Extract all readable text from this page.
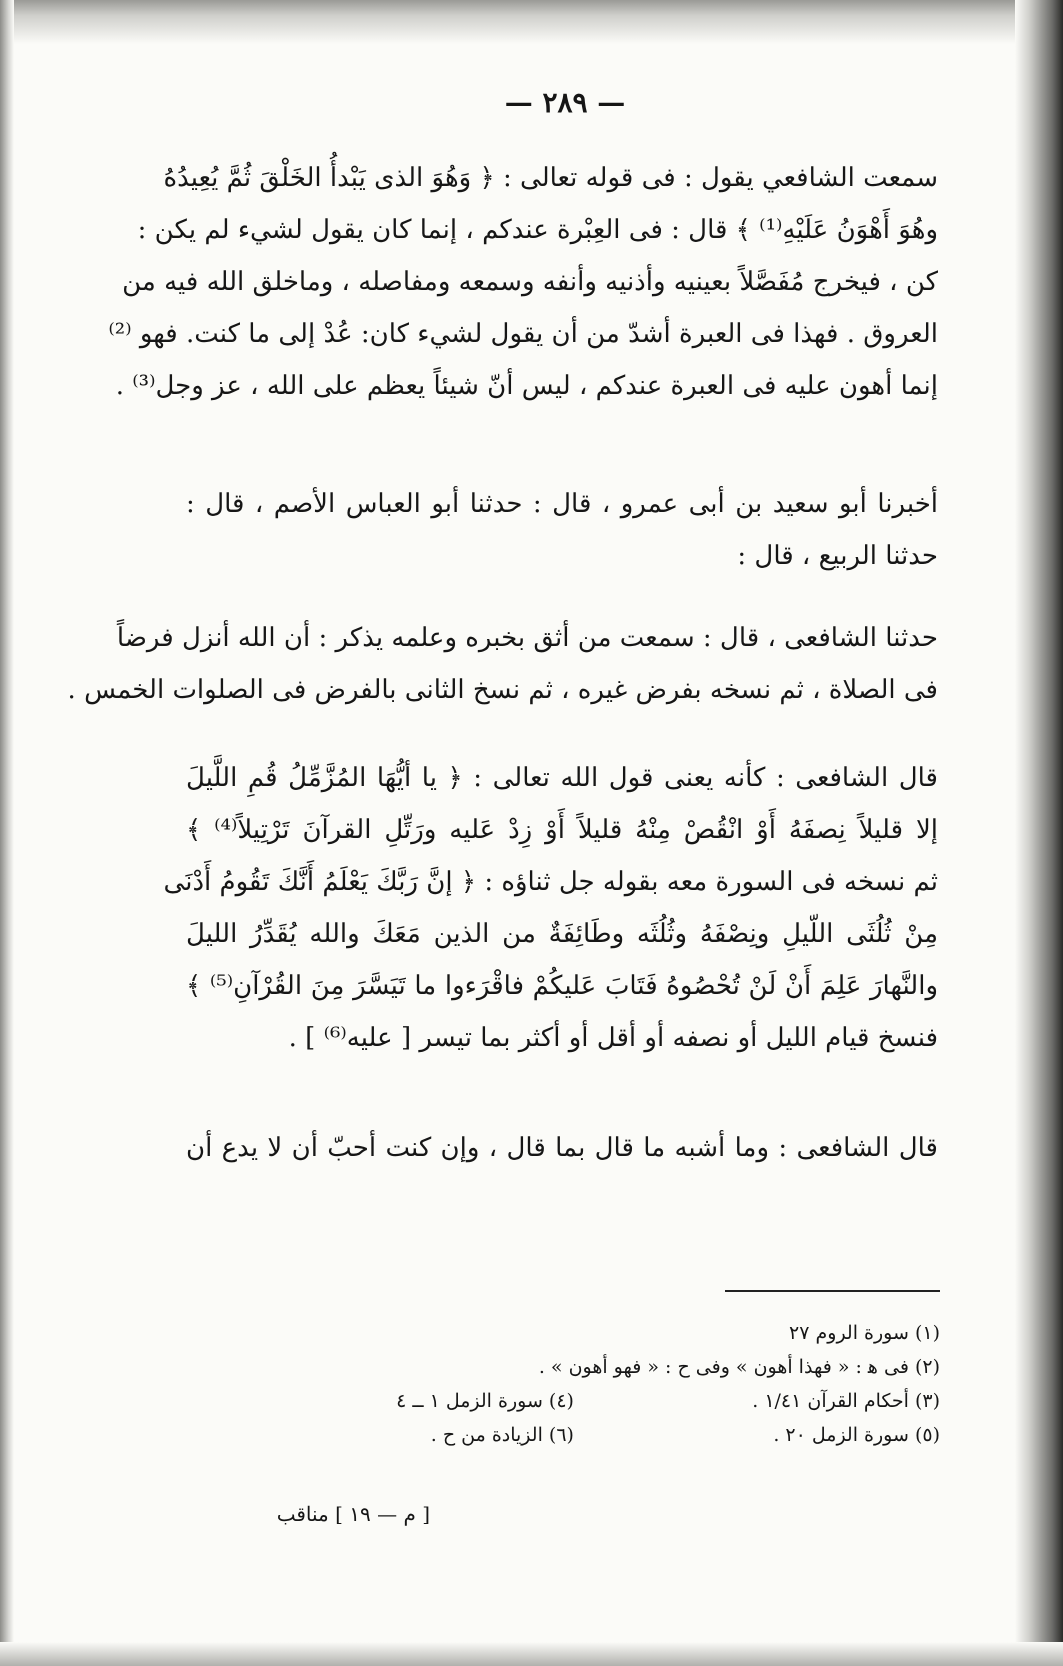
— ٢٨٩ —
سمعت الشافعي يقول : فى قوله تعالى : ﴿ وَهُوَ الذى يَبْدأُ الخَلْقَ ثُمَّ يُعِيدُهُ
وهُوَ أَهْوَنُ عَلَيْهِ⁽¹⁾ ﴾ قال : فى العِبْرة عندكم ، إنما كان يقول لشيء لم يكن :
كن ، فيخرج مُفَصَّلاً بعينيه وأذنيه وأنفه وسمعه ومفاصله ، وماخلق الله فيه من
العروق . فهذا فى العبرة أشدّ من أن يقول لشيء كان: عُدْ إلى ما كنت. فهو ⁽²⁾
إنما أهون عليه فى العبرة عندكم ، ليس أنّ شيئاً يعظم على الله ، عز وجل⁽³⁾ .
أخبرنا أبو سعيد بن أبى عمرو ، قال : حدثنا أبو العباس الأصم ، قال :
حدثنا الربيع ، قال :
حدثنا الشافعى ، قال : سمعت من أثق بخبره وعلمه يذكر : أن الله أنزل فرضاً
فى الصلاة ، ثم نسخه بفرض غيره ، ثم نسخ الثانى بالفرض فى الصلوات الخمس .
قال الشافعى : كأنه يعنى قول الله تعالى : ﴿ يا أيُّهَا المُزَّمِّلُ قُمِ اللَّيلَ
إلا قليلاً نِصفَهُ أَوْ انْقُصْ مِنْهُ قليلاً أَوْ زِدْ عَليه ورَتِّلِ القرآنَ تَرْتِيلاً⁽⁴⁾ ﴾
ثم نسخه فى السورة معه بقوله جل ثناؤه : ﴿ إنَّ رَبَّكَ يَعْلَمُ أَنَّكَ تَقُومُ أَدْنَى
مِنْ ثُلُثَى اللّيلِ ونِصْفَهُ وثُلُثَه وطَائِفَةٌ من الذين مَعَكَ والله يُقَدِّرُ الليلَ
والنَّهارَ عَلِمَ أَنْ لَنْ تُحْصُوهُ فَتَابَ عَليكُمْ فاقْرَءوا ما تَيَسَّرَ مِنَ القُرْآنِ⁽⁵⁾ ﴾
فنسخ قيام الليل أو نصفه أو أقل أو أكثر بما تيسر [ عليه⁽⁶⁾ ] .
قال الشافعى : وما أشبه ما قال بما قال ، وإن كنت أحبّ أن لا يدع أن
(١) سورة الروم ٢٧
(٢) فى ﻫ : « فهذا أهون » وفى ح : « فهو أهون » .
(٣) أحكام القرآن ١/٤١ . (٤) سورة الزمل ١ ــ ٤
(٥) سورة الزمل ٢٠ . (٦) الزيادة من ح .
[ م — ١٩ ] مناقب
